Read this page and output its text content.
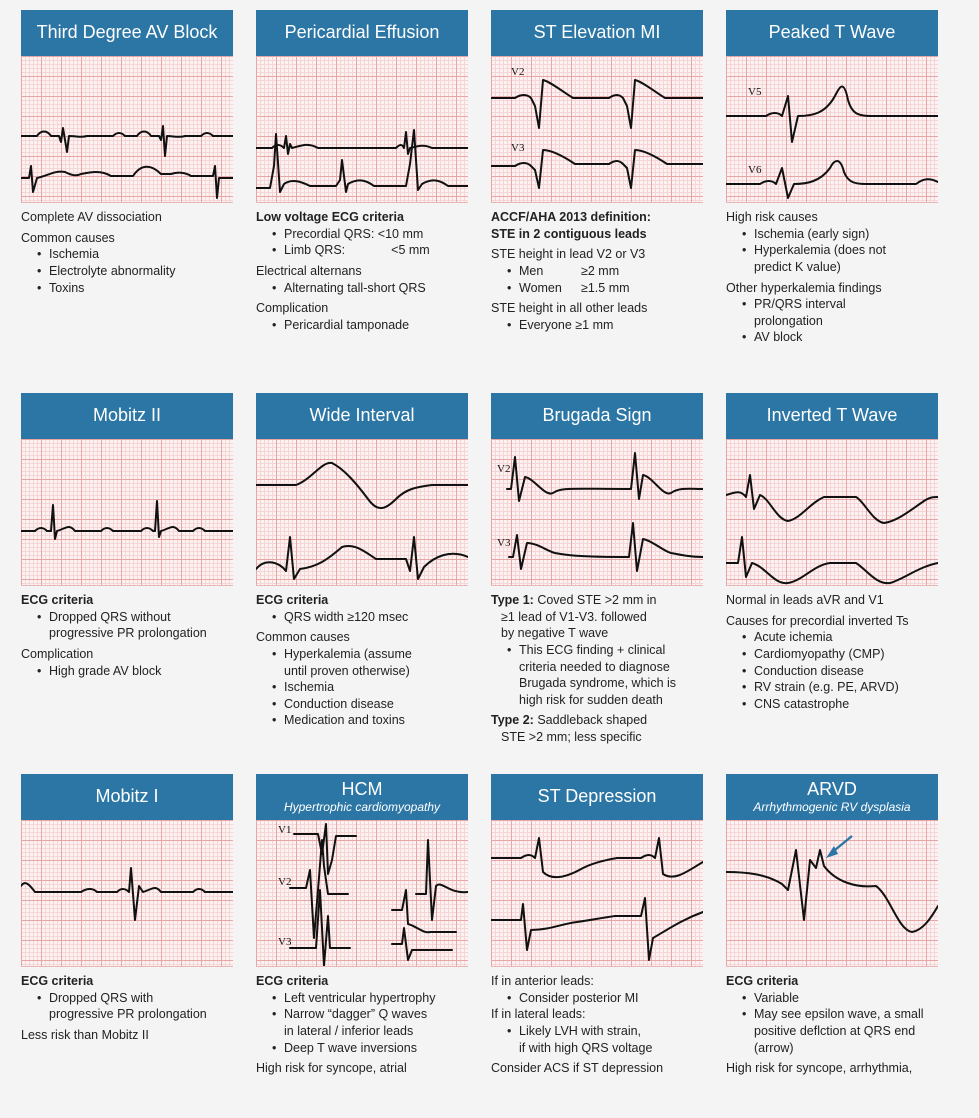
Third Degree AV Block

Complete AV dissociation

Common causes

• Ischemia

• Electrolyte abnormality

• Toxins

Pericardial Effusion

Low voltage ECG criteria

• Precordial QRS: <10 mm

• Limb QRS:	<5 mm

Electrical alternans

• Alternating tall-short QRS

Complication

• Pericardial tamponade

ST Elevation MI
V2
V3

ACCF/AHA 2013 definition:

STE in 2 contiguous leads

STE height in lead V2 or V3

• Men	≥2 mm

• Women ≥1.5 mm

STE height in all other leads

• Everyone ≥1 mm

Peaked T Wave
V5
V6

High risk causes

• Ischemia (early sign)

• Hyperkalemia (does not

predict K value)

Other hyperkalemia findings

• PR/QRS interval

prolongation

• AV block

Mobitz II

ECG criteria

• Dropped QRS without

progressive PR prolongation

Complication

• High grade AV block

Wide Interval

ECG criteria

• QRS width ≥120 msec

Common causes

• Hyperkalemia (assume

until proven otherwise)

• Ischemia

• Conduction disease

• Medication and toxins

Brugada Sign
V2
V3

Type 1: Coved STE >2 mm in

≥1 lead of V1-V3. followed

by negative T wave

• This ECG finding + clinical

criteria needed to diagnose

Brugada syndrome, which is

high risk for sudden death

Type 2: Saddleback shaped

STE >2 mm; less specific

Inverted T Wave

Normal in leads aVR and V1

Causes for precordial inverted Ts

• Acute ichemia

• Cardiomyopathy (CMP)

• Conduction disease

• RV strain (e.g. PE, ARVD)

• CNS catastrophe

Mobitz I

ECG criteria

• Dropped QRS with

progressive PR prolongation

Less risk than Mobitz II

HCM
Hypertrophic cardiomyopathy
V1
V2
V3

ECG criteria

• Left ventricular hypertrophy

• Narrow “dagger” Q waves

in lateral / inferior leads

• Deep T wave inversions

High risk for syncope, atrial

ST Depression

If in anterior leads:

• Consider posterior MI

If in lateral leads:

• Likely LVH with strain,

if with high QRS voltage

Consider ACS if ST depression

ARVD
Arrhythmogenic RV dysplasia

ECG criteria

• Variable

• May see epsilon wave, a small

positive deflction at QRS end

(arrow)

High risk for syncope, arrhythmia,
